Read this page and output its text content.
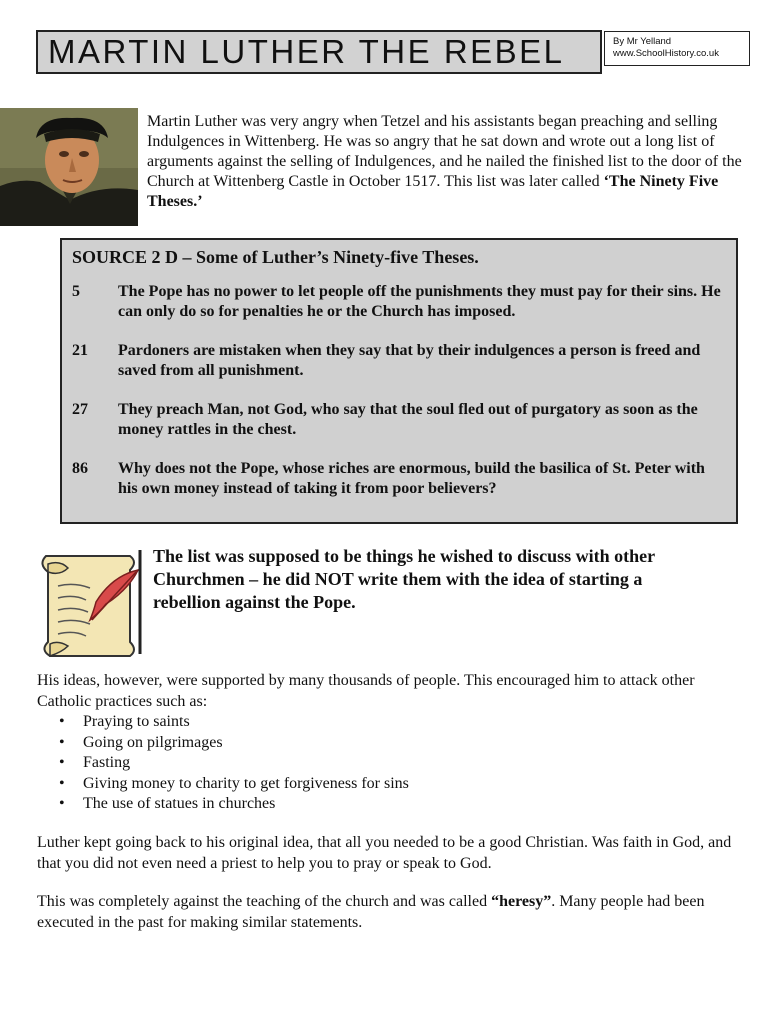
MARTIN LUTHER THE REBEL	By Mr Yelland
www.SchoolHistory.co.uk
Martin Luther was very angry when Tetzel and his assistants began preaching and selling Indulgences in Wittenberg. He was so angry that he sat down and wrote out a long list of arguments against the selling of Indulgences, and he nailed the finished list to the door of the Church at Wittenberg Castle in October 1517. This list was later called ‘The Ninety Five Theses.’
SOURCE 2 D – Some of Luther’s Ninety-five Theses.
5	The Pope has no power to let people off the punishments they must pay for their sins. He can only do so for penalties he or the Church has imposed.
21	Pardoners are mistaken when they say that by their indulgences a person is freed and saved from all punishment.
27	They preach Man, not God, who say that the soul fled out of purgatory as soon as the money rattles in the chest.
86	Why does not the Pope, whose riches are enormous, build the basilica of St. Peter with his own money instead of taking it from poor believers?
The list was supposed to be things he wished to discuss with other Churchmen – he did NOT write them with the idea of starting a rebellion against the Pope.
His ideas, however, were supported by many thousands of people. This encouraged him to attack other Catholic practices such as:
• Praying to saints
• Going on pilgrimages
• Fasting
• Giving money to charity to get forgiveness for sins
• The use of statues in churches
Luther kept going back to his original idea, that all you needed to be a good Christian. Was faith in God, and that you did not even need a priest to help you to pray or speak to God.
This was completely against the teaching of the church and was called “heresy”. Many people had been executed in the past for making similar statements.
